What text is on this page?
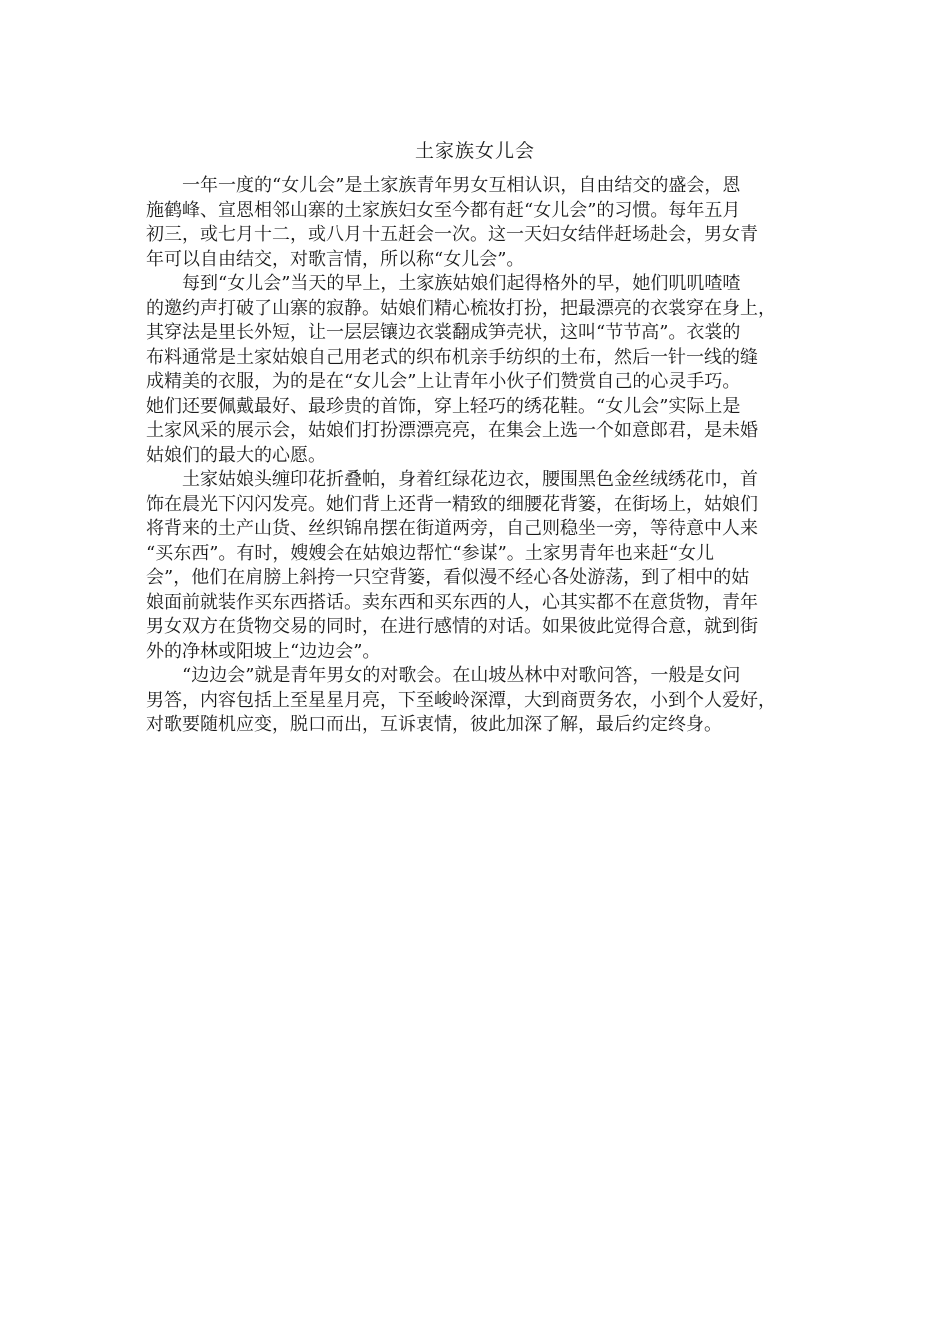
土家族女儿会
一年一度的“女儿会”是土家族青年男女互相认识，自由结交的盛会，恩
施鹤峰、宣恩相邻山寨的土家族妇女至今都有赶“女儿会”的习惯。每年五月
初三，或七月十二，或八月十五赶会一次。这一天妇女结伴赶场赴会，男女青
年可以自由结交，对歌言情，所以称“女儿会”。
每到“女儿会”当天的早上，土家族姑娘们起得格外的早，她们叽叽喳喳
的邀约声打破了山寨的寂静。姑娘们精心梳妆打扮，把最漂亮的衣裳穿在身上，
其穿法是里长外短，让一层层镶边衣裳翻成笋壳状，这叫“节节高”。衣裳的
布料通常是土家姑娘自己用老式的织布机亲手纺织的土布，然后一针一线的缝
成精美的衣服，为的是在“女儿会”上让青年小伙子们赞赏自己的心灵手巧。
她们还要佩戴最好、最珍贵的首饰，穿上轻巧的绣花鞋。“女儿会”实际上是
土家风采的展示会，姑娘们打扮漂漂亮亮，在集会上选一个如意郎君，是未婚
姑娘们的最大的心愿。
土家姑娘头缠印花折叠帕，身着红绿花边衣，腰围黑色金丝绒绣花巾，首
饰在晨光下闪闪发亮。她们背上还背一精致的细腰花背篓，在街场上，姑娘们
将背来的土产山货、丝织锦帛摆在街道两旁，自己则稳坐一旁，等待意中人来
“买东西”。有时，嫂嫂会在姑娘边帮忙“参谋”。土家男青年也来赶“女儿
会”，他们在肩膀上斜挎一只空背篓，看似漫不经心各处游荡，到了相中的姑
娘面前就装作买东西搭话。卖东西和买东西的人，心其实都不在意货物，青年
男女双方在货物交易的同时，在进行感情的对话。如果彼此觉得合意，就到街
外的净林或阳坡上“边边会”。
“边边会”就是青年男女的对歌会。在山坡丛林中对歌问答，一般是女问
男答，内容包括上至星星月亮，下至峻岭深潭，大到商贾务农，小到个人爱好，
对歌要随机应变，脱口而出，互诉衷情，彼此加深了解，最后约定终身。
